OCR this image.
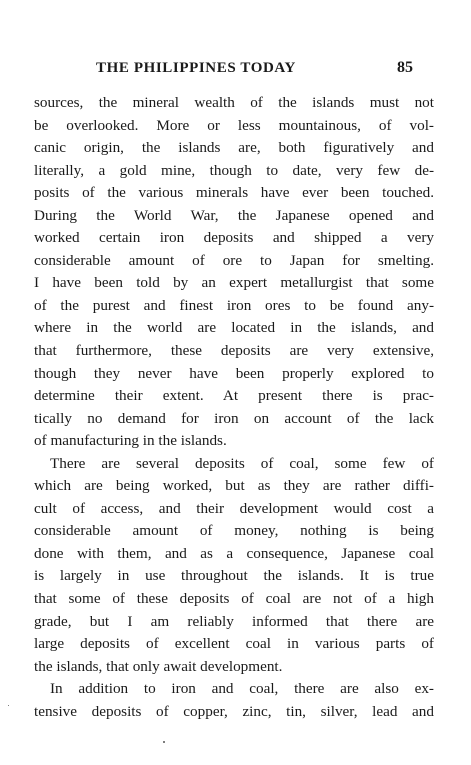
THE PHILIPPINES TODAY	85
sources, the mineral wealth of the islands must not
be overlooked. More or less mountainous, of vol-
canic origin, the islands are, both figuratively and
literally, a gold mine, though to date, very few de-
posits of the various minerals have ever been touched.
During the World War, the Japanese opened and
worked certain iron deposits and shipped a very
considerable amount of ore to Japan for smelting.
I have been told by an expert metallurgist that some
of the purest and finest iron ores to be found any-
where in the world are located in the islands, and
that furthermore, these deposits are very extensive,
though they never have been properly explored to
determine their extent. At present there is prac-
tically no demand for iron on account of the lack
of manufacturing in the islands.
There are several deposits of coal, some few of
which are being worked, but as they are rather diffi-
cult of access, and their development would cost a
considerable amount of money, nothing is being
done with them, and as a consequence, Japanese coal
is largely in use throughout the islands. It is true
that some of these deposits of coal are not of a high
grade, but I am reliably informed that there are
large deposits of excellent coal in various parts of
the islands, that only await development.
In addition to iron and coal, there are also ex-
tensive deposits of copper, zinc, tin, silver, lead and
